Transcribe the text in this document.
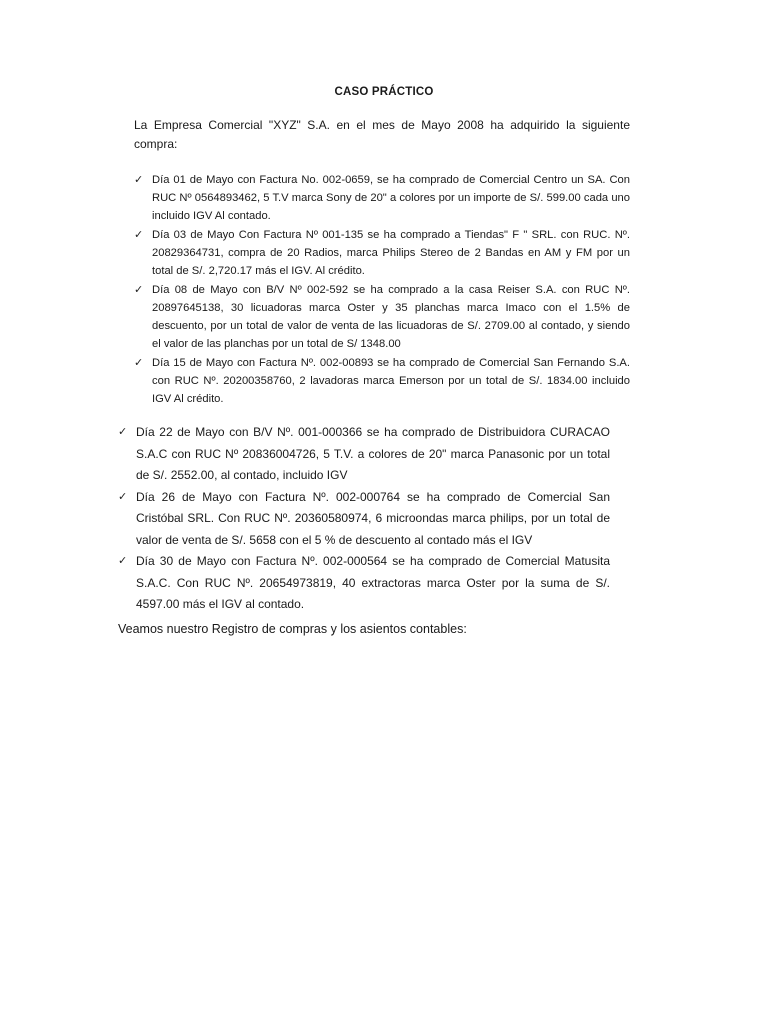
CASO PRÁCTICO

La Empresa Comercial "XYZ" S.A. en el mes de Mayo 2008 ha adquirido la siguiente compra:

✓ Día 01 de Mayo con Factura No. 002-0659, se ha comprado de Comercial Centro un SA. Con RUC Nº 0564893462, 5 T.V marca Sony de 20" a colores por un importe de S/. 599.00 cada uno incluido IGV Al contado.
✓ Día 03 de Mayo Con Factura Nº 001-135 se ha comprado a Tiendas" F " SRL. con RUC. Nº. 20829364731, compra de 20 Radios, marca Philips Stereo de 2 Bandas en AM y FM por un total de S/. 2,720.17 más el IGV. Al crédito.
✓ Día 08 de Mayo con B/V Nº 002-592 se ha comprado a la casa Reiser S.A. con RUC Nº. 20897645138, 30 licuadoras marca Oster y 35 planchas marca Imaco con el 1.5% de descuento, por un total de valor de venta de las licuadoras de S/. 2709.00 al contado, y siendo el valor de las planchas por un total de S/ 1348.00
✓ Día 15 de Mayo con Factura Nº. 002-00893 se ha comprado de Comercial San Fernando S.A. con RUC Nº. 20200358760, 2 lavadoras marca Emerson por un total de S/. 1834.00 incluido IGV Al crédito.
✓ Día 22 de Mayo con B/V Nº. 001-000366 se ha comprado de Distribuidora CURACAO S.A.C con RUC Nº 20836004726, 5 T.V. a colores de 20" marca Panasonic por un total de S/. 2552.00, al contado, incluido IGV
✓ Día 26 de Mayo con Factura Nº. 002-000764 se ha comprado de Comercial San Cristóbal SRL. Con RUC Nº. 20360580974, 6 microondas marca philips, por un total de valor de venta de S/. 5658 con el 5 % de descuento al contado más el IGV
✓ Día 30 de Mayo con Factura Nº. 002-000564 se ha comprado de Comercial Matusita S.A.C. Con RUC Nº. 20654973819, 40 extractoras marca Oster por la suma de S/. 4597.00 más el IGV al contado.

Veamos nuestro Registro de compras y los asientos contables:
